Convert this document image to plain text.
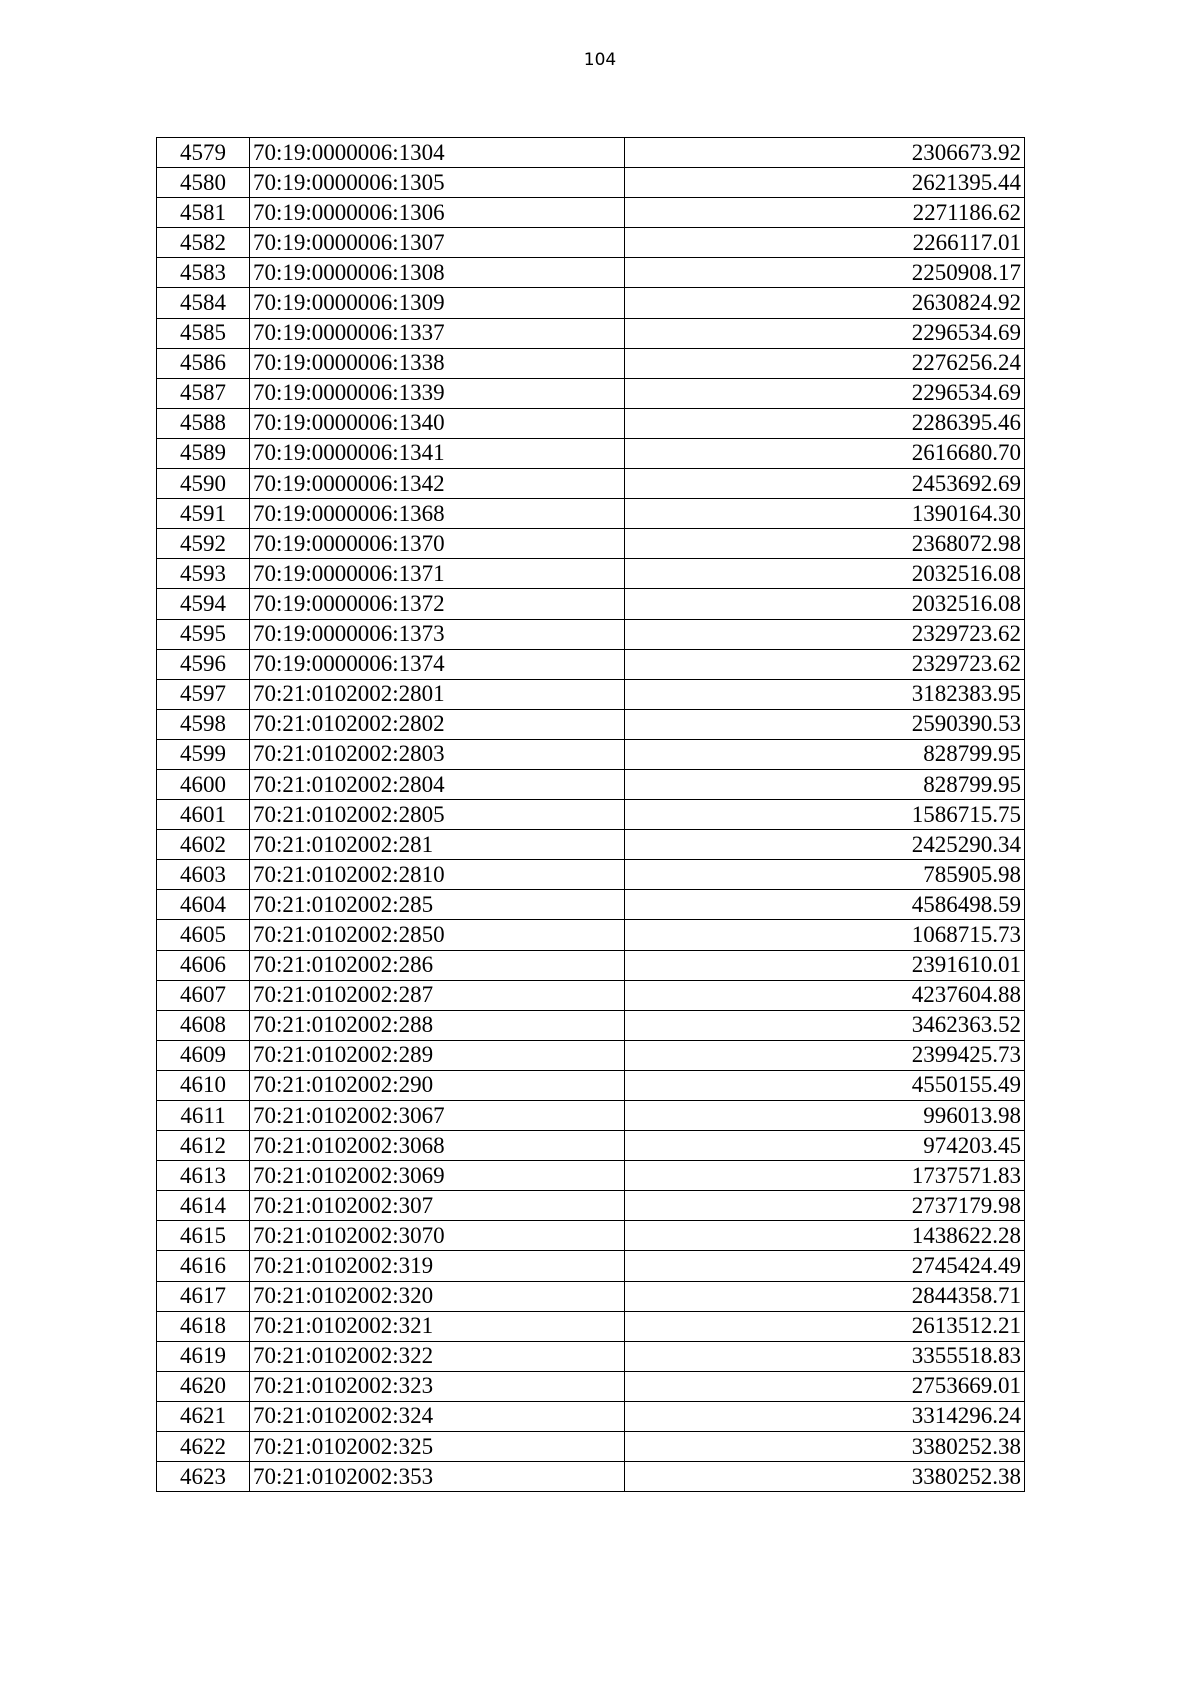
104
4579	70:19:0000006:1304	2306673.92
4580	70:19:0000006:1305	2621395.44
4581	70:19:0000006:1306	2271186.62
4582	70:19:0000006:1307	2266117.01
4583	70:19:0000006:1308	2250908.17
4584	70:19:0000006:1309	2630824.92
4585	70:19:0000006:1337	2296534.69
4586	70:19:0000006:1338	2276256.24
4587	70:19:0000006:1339	2296534.69
4588	70:19:0000006:1340	2286395.46
4589	70:19:0000006:1341	2616680.70
4590	70:19:0000006:1342	2453692.69
4591	70:19:0000006:1368	1390164.30
4592	70:19:0000006:1370	2368072.98
4593	70:19:0000006:1371	2032516.08
4594	70:19:0000006:1372	2032516.08
4595	70:19:0000006:1373	2329723.62
4596	70:19:0000006:1374	2329723.62
4597	70:21:0102002:2801	3182383.95
4598	70:21:0102002:2802	2590390.53
4599	70:21:0102002:2803	828799.95
4600	70:21:0102002:2804	828799.95
4601	70:21:0102002:2805	1586715.75
4602	70:21:0102002:281	2425290.34
4603	70:21:0102002:2810	785905.98
4604	70:21:0102002:285	4586498.59
4605	70:21:0102002:2850	1068715.73
4606	70:21:0102002:286	2391610.01
4607	70:21:0102002:287	4237604.88
4608	70:21:0102002:288	3462363.52
4609	70:21:0102002:289	2399425.73
4610	70:21:0102002:290	4550155.49
4611	70:21:0102002:3067	996013.98
4612	70:21:0102002:3068	974203.45
4613	70:21:0102002:3069	1737571.83
4614	70:21:0102002:307	2737179.98
4615	70:21:0102002:3070	1438622.28
4616	70:21:0102002:319	2745424.49
4617	70:21:0102002:320	2844358.71
4618	70:21:0102002:321	2613512.21
4619	70:21:0102002:322	3355518.83
4620	70:21:0102002:323	2753669.01
4621	70:21:0102002:324	3314296.24
4622	70:21:0102002:325	3380252.38
4623	70:21:0102002:353	3380252.38
